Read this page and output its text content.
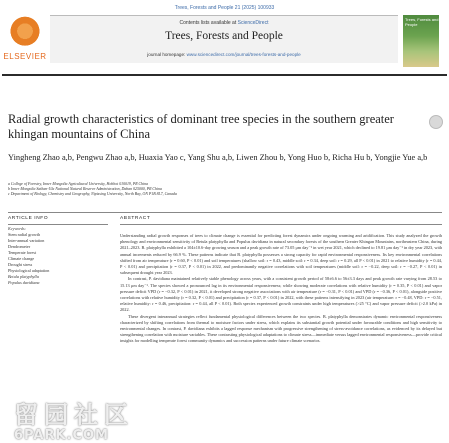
Trees, Forests and People 21 (2025) 100933
ELSEVIER
Contents lists available at ScienceDirect
Trees, Forests and People
journal homepage: www.sciencedirect.com/journal/trees-forests-and-people
Trees, Forests and People
Radial growth characteristics of dominant tree species in the southern greater khingan mountains of China
Yingheng Zhao a,b, Pengwu Zhao a,b, Huaxia Yao c, Yang Shu a,b, Liwen Zhou b, Yong Huo b, Richa Hu b, Yongjie Yue a,b
a College of Forestry, Inner Mongolia Agricultural University, Hohhot 010019, PR China
b Inner Mongolia Saihan-Ula National Natural Reserve Administration, Daban 025000, PR China
c Department of Biology, Chemistry and Geography, Nipissing University, North Bay, ON P1B 8L7, Canada
ARTICLE INFO
Keywords:
Stem radial growth
Inter-annual variation
Dendrometer
Temperate forest
Climate change
Drought stress
Physiological adaptation
Betula platyphylla
Populus davidiana
ABSTRACT

Understanding radial growth responses of trees to climate change is essential for predicting forest dynamics under ongoing warming and aridification. This study analyzed the growth phenology and environmental sensitivity of Betula platyphylla and Populus davidiana in natural secondary forests of the southern Greater Khingan Mountains, northeastern China, during 2021–2023. B. platyphylla exhibited a 104±10.6-day growing season and a peak growth rate of 73.05 μm day⁻¹ in wet year 2021, which declined to 19.81 μm day⁻¹ in dry year 2023, with annual increments reduced by 66.9 %. These patterns indicate that B. platyphylla possesses a strong capacity for rapid environmental responsiveness. Its key environmental correlations shifted from air temperature (r = 0.60, P < 0.01) and soil temperatures (shallow soil: r = 0.43, middle soil: r = 0.34, deep soil: r = 0.29, all P < 0.01) in 2021 to relative humidity (r = 0.44, P < 0.01) and precipitation (r = 0.37, P < 0.01) in 2022, and predominantly negative correlations with soil temperatures (middle soil: r = −0.22, deep soil: r = −0.27, P < 0.01) in subsequent drought year 2023.

In contrast, P. davidiana maintained relatively stable phenology across years, with a consistent growth period of 58±6.6 to 56±3.3 days and peak growth rate varying from 28.53 to 15.13 μm day⁻¹. The species showed a pronounced lag in its environmental responsiveness; while showing moderate correlations with relative humidity (r = 0.35, P < 0.01) and vapor pressure deficit VPD (r = −0.32, P < 0.01) in 2021, it developed strong negative associations with air temperature (r = −0.31, P < 0.01) and VPD (r = −0.36, P < 0.01), alongside positive correlations with relative humidity (r = 0.32, P < 0.01) and precipitation (r = 0.37, P < 0.01) in 2022, with these patterns intensifying in 2023 (air temperature: r = −0.48, VPD: r = −0.51, relative humidity: r = 0.46, precipitation: r = 0.44, all P < 0.01). Both species experienced growth constraints under high temperatures (>25 °C) and vapor pressure deficit (>2.0 kPa) in 2022.

These divergent interannual strategies reflect fundamental physiological differences between the two species. B. platyphylla demonstrates dynamic environmental responsiveness characterized by shifting correlations from thermal to moisture factors under stress, which explains its substantial growth potential under favourable conditions and high sensitivity to environmental changes. In contrast, P. davidiana exhibits a lagged response mechanism with progressive strengthening of stress-avoidance correlations, as evidenced by its delayed but strengthening correlation with moisture variables. These contrasting physiological adaptations to climate stress—immediate versus lagged environmental responsiveness—provide critical insights for modelling temperate forest community dynamics and succession patterns under future climate scenarios.

留园社区
6PARK.COM
